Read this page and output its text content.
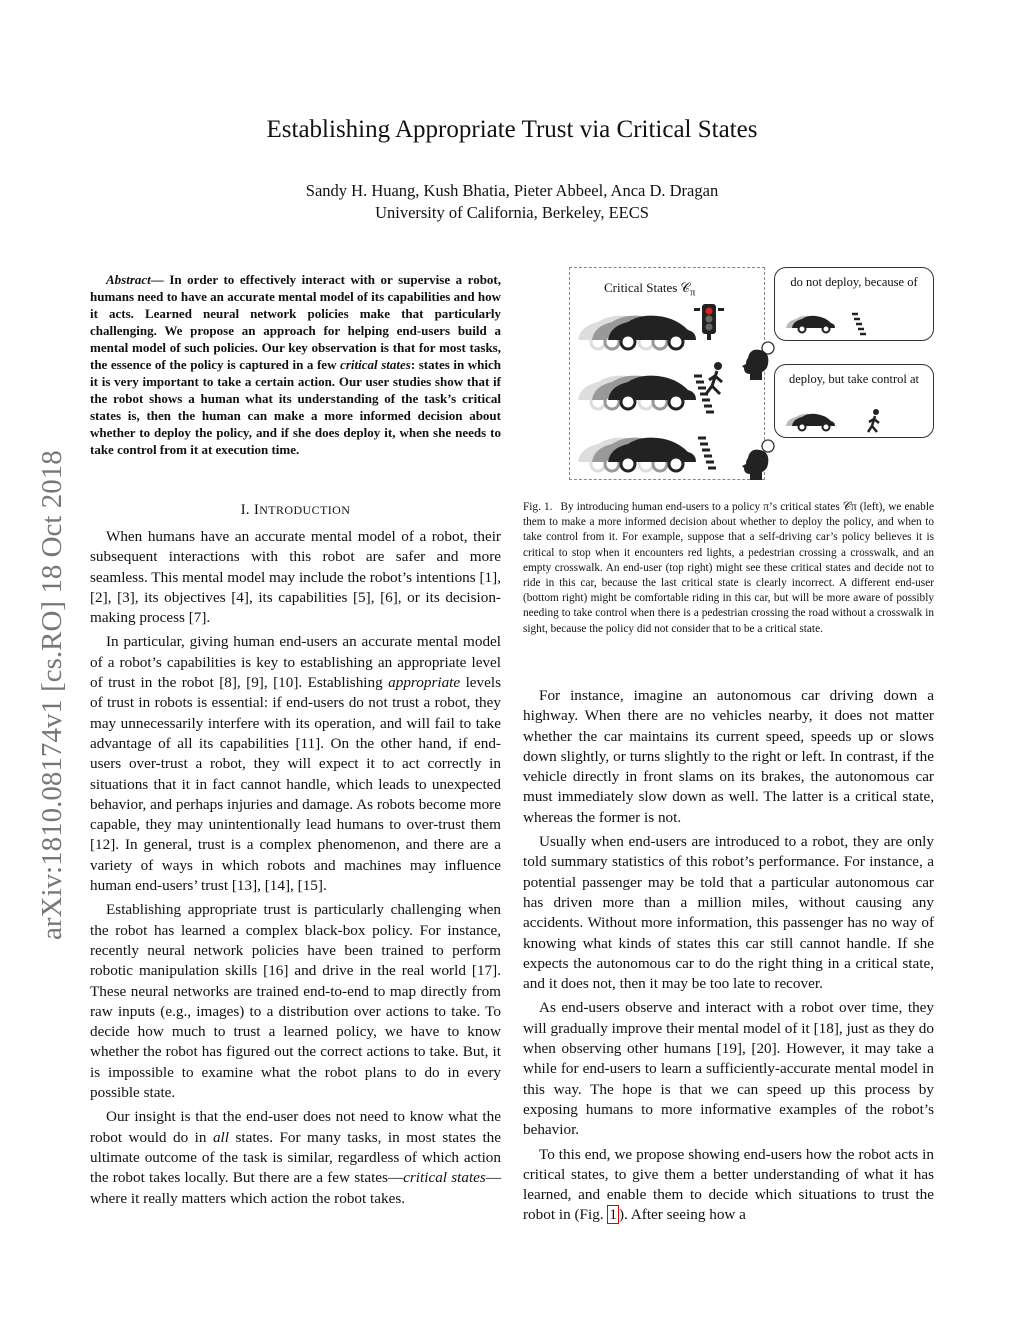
Establishing Appropriate Trust via Critical States
Sandy H. Huang, Kush Bhatia, Pieter Abbeel, Anca D. Dragan
University of California, Berkeley, EECS
arXiv:1810.08174v1 [cs.RO] 18 Oct 2018

Abstract— In order to effectively interact with or supervise a robot, humans need to have an accurate mental model of its capabilities and how it acts. Learned neural network policies make that particularly challenging. We propose an approach for helping end-users build a mental model of such policies. Our key observation is that for most tasks, the essence of the policy is captured in a few critical states: states in which it is very important to take a certain action. Our user studies show that if the robot shows a human what its understanding of the task’s critical states is, then the human can make a more informed decision about whether to deploy the policy, and if she does deploy it, when she needs to take control from it at execution time.

I. INTRODUCTION

When humans have an accurate mental model of a robot, their subsequent interactions with this robot are safer and more seamless. This mental model may include the robot’s intentions [1], [2], [3], its objectives [4], its capabilities [5], [6], or its decision-making process [7].

In particular, giving human end-users an accurate mental model of a robot’s capabilities is key to establishing an appropriate level of trust in the robot [8], [9], [10]. Establishing appropriate levels of trust in robots is essential: if end-users do not trust a robot, they may unnecessarily interfere with its operation, and will fail to take advantage of all its capabilities [11]. On the other hand, if end-users over-trust a robot, they will expect it to act correctly in situations that it in fact cannot handle, which leads to unexpected behavior, and perhaps injuries and damage. As robots become more capable, they may unintentionally lead humans to over-trust them [12]. In general, trust is a complex phenomenon, and there are a variety of ways in which robots and machines may influence human end-users’ trust [13], [14], [15].

Establishing appropriate trust is particularly challenging when the robot has learned a complex black-box policy. For instance, recently neural network policies have been trained to perform robotic manipulation skills [16] and drive in the real world [17]. These neural networks are trained end-to-end to map directly from raw inputs (e.g., images) to a distribution over actions to take. To decide how much to trust a learned policy, we have to know whether the robot has figured out the correct actions to take. But, it is impossible to examine what the robot plans to do in every possible state.

Our insight is that the end-user does not need to know what the robot would do in all states. For many tasks, in most states the ultimate outcome of the task is similar, regardless of which action the robot takes locally. But there are a few states—critical states—where it really matters which action the robot takes.

Critical States 𝒞$_\pi$
do not deploy, because of
deploy, but take control at
Fig. 1. By introducing human end-users to a policy π’s critical states 𝒞π (left), we enable them to make a more informed decision about whether to deploy the policy, and when to take control from it. For example, suppose that a self-driving car’s policy believes it is critical to stop when it encounters red lights, a pedestrian crossing a crosswalk, and an empty crosswalk. An end-user (top right) might see these critical states and decide not to ride in this car, because the last critical state is clearly incorrect. A different end-user (bottom right) might be comfortable riding in this car, but will be more aware of possibly needing to take control when there is a pedestrian crossing the road without a crosswalk in sight, because the policy did not consider that to be a critical state.

For instance, imagine an autonomous car driving down a highway. When there are no vehicles nearby, it does not matter whether the car maintains its current speed, speeds up or slows down slightly, or turns slightly to the right or left. In contrast, if the vehicle directly in front slams on its brakes, the autonomous car must immediately slow down as well. The latter is a critical state, whereas the former is not.

Usually when end-users are introduced to a robot, they are only told summary statistics of this robot’s performance. For instance, a potential passenger may be told that a particular autonomous car has driven more than a million miles, without causing any accidents. Without more information, this passenger has no way of knowing what kinds of states this car still cannot handle. If she expects the autonomous car to do the right thing in a critical state, and it does not, then it may be too late to recover.

As end-users observe and interact with a robot over time, they will gradually improve their mental model of it [18], just as they do when observing other humans [19], [20]. However, it may take a while for end-users to learn a sufficiently-accurate mental model in this way. The hope is that we can speed up this process by exposing humans to more informative examples of the robot’s behavior.

To this end, we propose showing end-users how the robot acts in critical states, to give them a better understanding of what it has learned, and enable them to decide which situations to trust the robot in (Fig. 1 ). After seeing how a
